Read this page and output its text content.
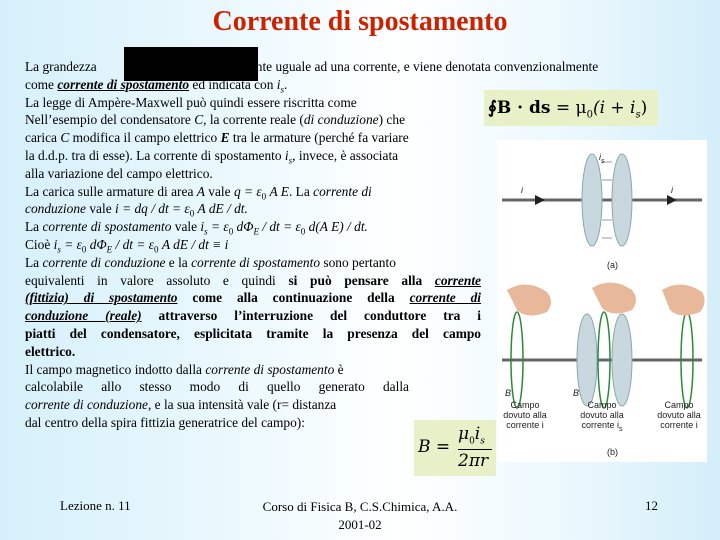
Corrente di spostamento
La grandezza	almente uguale ad una corrente, e viene denotata convenzionalmente
come corrente di spostamento ed indicata con $i_s$.
La legge di Ampère-Maxwell può quindi essere riscritta come
Nell’esempio del condensatore C, la corrente reale (di conduzione) che
carica C modifica il campo elettrico E tra le armature (perché fa variare
la d.d.p. tra di esse). La corrente di spostamento $i_s$, invece, è associata
alla variazione del campo elettrico.
La carica sulle armature di area A vale $q = \varepsilon_0$ A E. La corrente di
conduzione vale i = dq / dt = $\varepsilon_0$ A dE / dt.
La corrente di spostamento vale $i_s = \varepsilon_0$ $d\Phi_E$ / dt = $\varepsilon_0$ d(A E) / dt.
Cioè $i_s = \varepsilon_0$ $d\Phi_E$ / dt = $\varepsilon_0$ A dE / dt ≡ i
La corrente di conduzione e la corrente di spostamento sono pertanto
equivalenti in valore assoluto e quindi si può pensare alla corrente
(fittizia) di spostamento come alla continuazione della corrente di
conduzione (reale) attraverso l’interruzione del conduttore tra i
piatti del condensatore, esplicitata tramite la presenza del campo
elettrico.
Il campo magnetico indotto dalla corrente di spostamento è
calcolabile allo stesso modo di quello generato dalla
corrente di conduzione, e la sua intensità vale (r= distanza
dal centro della spira fittizia generatrice del campo):
∮B · ds = $\mu_0(i + i_s)$
B =
$\mu_0i_s$
2πr
$i_s$
i	i
(a)
B	B
Campo dovuto alla corrente i
Campo dovuto alla corrente $i_s$
Campo dovuto alla corrente i
(b)
Lezione n. 11	Corso di Fisica B, C.S.Chimica, A.A.
2001-02
12
